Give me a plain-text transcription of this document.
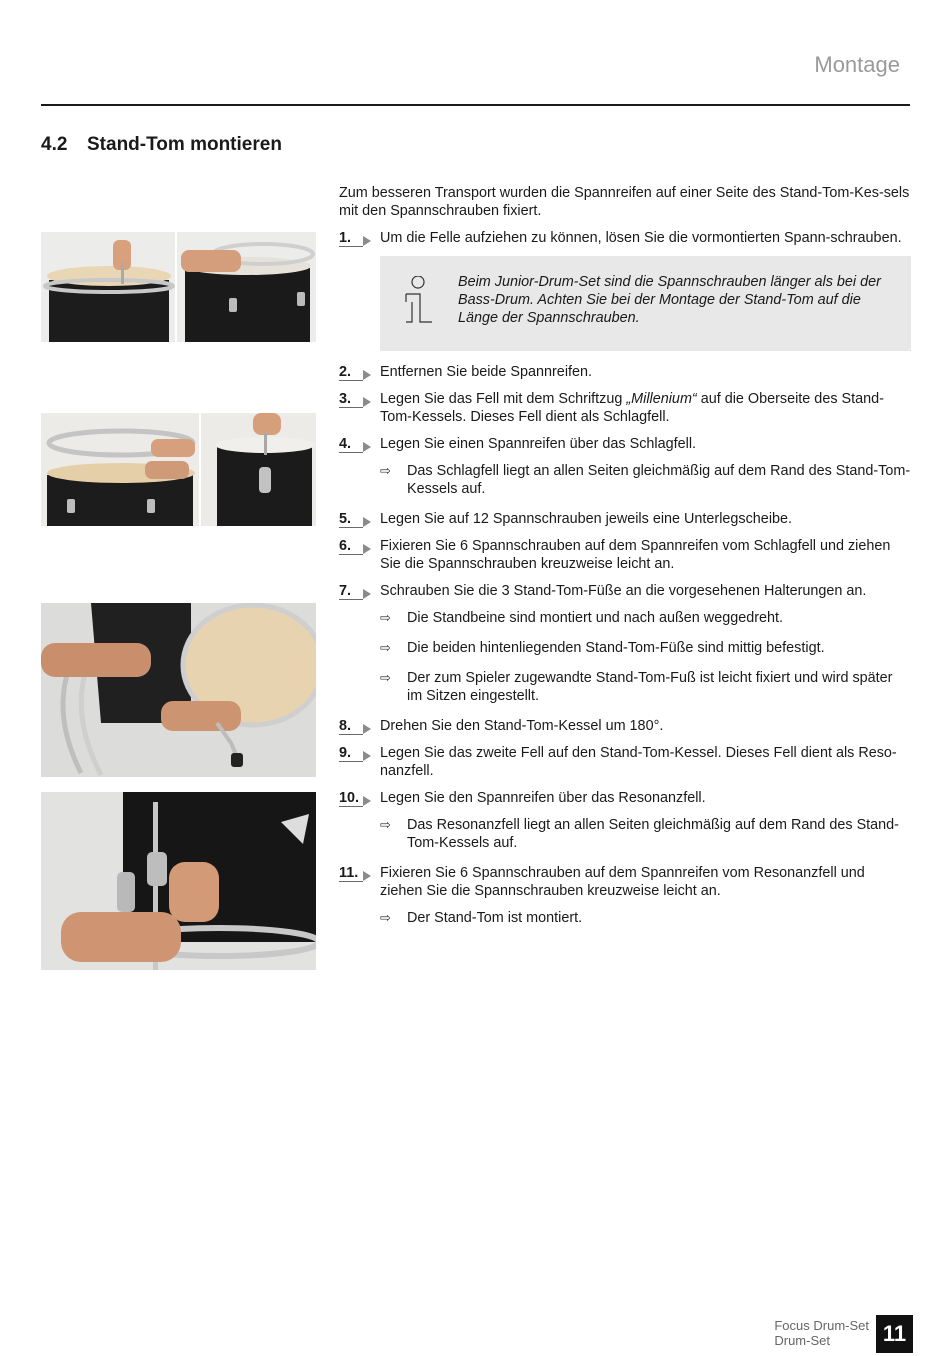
Montage
4.2 Stand-Tom montieren

Zum besseren Transport wurden die Spannreifen auf einer Seite des Stand-Tom-Kes-sels mit den Spannschrauben fixiert.

1.	Um die Felle aufziehen zu können, lösen Sie die vormontierten Spann-schrauben.
Beim Junior-Drum-Set sind die Spannschrauben länger als bei der Bass-Drum. Achten Sie bei der Montage der Stand-Tom auf die Länge der Spannschrauben.
2.	Entfernen Sie beide Spannreifen.
3.	Legen Sie das Fell mit dem Schriftzug „Millenium“ auf die Oberseite des Stand-Tom-Kessels. Dieses Fell dient als Schlagfell.
4.	Legen Sie einen Spannreifen über das Schlagfell.
⇨ Das Schlagfell liegt an allen Seiten gleichmäßig auf dem Rand des Stand-Tom-Kessels auf.
5.	Legen Sie auf 12 Spannschrauben jeweils eine Unterlegscheibe.
6.	Fixieren Sie 6 Spannschrauben auf dem Spannreifen vom Schlagfell und ziehen Sie die Spannschrauben kreuzweise leicht an.
7.	Schrauben Sie die 3 Stand-Tom-Füße an die vorgesehenen Halterungen an.
⇨ Die Standbeine sind montiert und nach außen weggedreht.
⇨ Die beiden hintenliegenden Stand-Tom-Füße sind mittig befestigt.
⇨ Der zum Spieler zugewandte Stand-Tom-Fuß ist leicht fixiert und wird später im Sitzen eingestellt.
8.	Drehen Sie den Stand-Tom-Kessel um 180°.
9.	Legen Sie das zweite Fell auf den Stand-Tom-Kessel. Dieses Fell dient als Reso-nanzfell.
10.	Legen Sie den Spannreifen über das Resonanzfell.
⇨ Das Resonanzfell liegt an allen Seiten gleichmäßig auf dem Rand des Stand-Tom-Kessels auf.
11.	Fixieren Sie 6 Spannschrauben auf dem Spannreifen vom Resonanzfell und ziehen Sie die Spannschrauben kreuzweise leicht an.
⇨ Der Stand-Tom ist montiert.
Focus Drum-Set
Drum-Set	11
